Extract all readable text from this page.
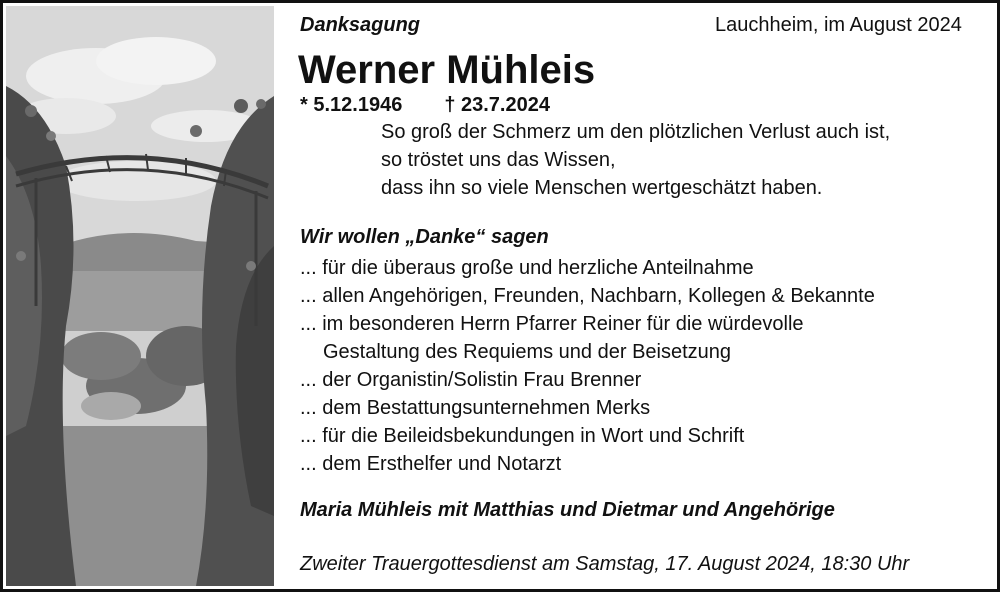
Danksagung	Lauchheim, im August 2024
Werner Mühleis
* 5.12.1946 † 23.7.2024
So groß der Schmerz um den plötzlichen Verlust auch ist,
so tröstet uns das Wissen,
dass ihn so viele Menschen wertgeschätzt haben.
Wir wollen „Danke“ sagen
... für die überaus große und herzliche Anteilnahme
... allen Angehörigen, Freunden, Nachbarn, Kollegen & Bekannte
... im besonderen Herrn Pfarrer Reiner für die würdevolle
Gestaltung des Requiems und der Beisetzung
... der Organistin/Solistin Frau Brenner
... dem Bestattungsunternehmen Merks
... für die Beileidsbekundungen in Wort und Schrift
... dem Ersthelfer und Notarzt
Maria Mühleis mit Matthias und Dietmar und Angehörige
Zweiter Trauergottesdienst am Samstag, 17. August 2024, 18:30 Uhr
